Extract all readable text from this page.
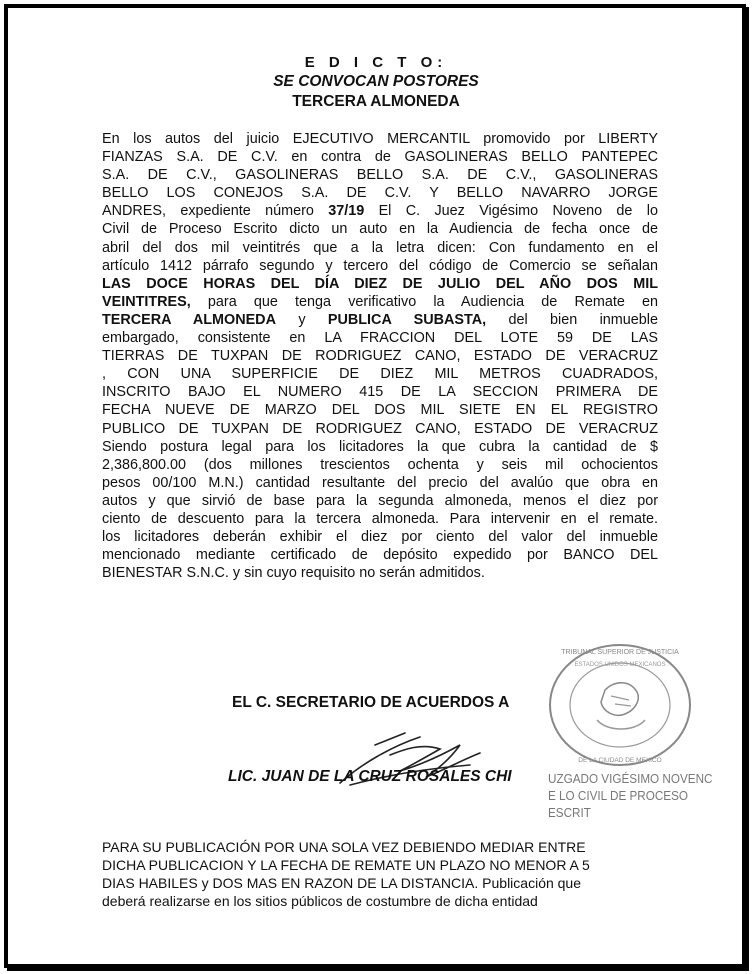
E D I C T O:
SE CONVOCAN POSTORES
TERCERA ALMONEDA
En los autos del juicio EJECUTIVO MERCANTIL promovido por LIBERTY
FIANZAS S.A. DE C.V. en contra de GASOLINERAS BELLO PANTEPEC
S.A. DE C.V., GASOLINERAS BELLO S.A. DE C.V., GASOLINERAS
BELLO LOS CONEJOS S.A. DE C.V. Y BELLO NAVARRO JORGE
ANDRES, expediente número 37/19 El C. Juez Vigésimo Noveno de lo
Civil de Proceso Escrito dicto un auto en la Audiencia de fecha once de
abril del dos mil veintitrés que a la letra dicen: Con fundamento en el
artículo 1412 párrafo segundo y tercero del código de Comercio se señalan
LAS DOCE HORAS DEL DÍA DIEZ DE JULIO DEL AÑO DOS MIL
VEINTITRES, para que tenga verificativo la Audiencia de Remate en
TERCERA ALMONEDA y PUBLICA SUBASTA, del bien inmueble
embargado, consistente en LA FRACCION DEL LOTE 59 DE LAS
TIERRAS DE TUXPAN DE RODRIGUEZ CANO, ESTADO DE VERACRUZ
, CON UNA SUPERFICIE DE DIEZ MIL METROS CUADRADOS,
INSCRITO BAJO EL NUMERO 415 DE LA SECCION PRIMERA DE
FECHA NUEVE DE MARZO DEL DOS MIL SIETE EN EL REGISTRO
PUBLICO DE TUXPAN DE RODRIGUEZ CANO, ESTADO DE VERACRUZ
Siendo postura legal para los licitadores la que cubra la cantidad de $
2,386,800.00 (dos millones trescientos ochenta y seis mil ochocientos
pesos 00/100 M.N.) cantidad resultante del precio del avalúo que obra en
autos y que sirvió de base para la segunda almoneda, menos el diez por
ciento de descuento para la tercera almoneda. Para intervenir en el remate.
los licitadores deberán exhibir el diez por ciento del valor del inmueble
mencionado mediante certificado de depósito expedido por BANCO DEL
BIENESTAR S.N.C. y sin cuyo requisito no serán admitidos.
EL C. SECRETARIO DE ACUERDOS A
LIC. JUAN DE LA CRUZ ROSALES CHI
TRIBUNAL SUPERIOR DE JUSTICIA
ESTADOS UNIDOS MEXICANOS
DE LA CIUDAD DE MEXICO
UZGADO VIGÉSIMO NOVENC
E LO CIVIL DE PROCESO ESCRIT
PARA SU PUBLICACIÓN POR UNA SOLA VEZ DEBIENDO MEDIAR ENTRE
DICHA PUBLICACION Y LA FECHA DE REMATE UN PLAZO NO MENOR A 5
DIAS HABILES y DOS MAS EN RAZON DE LA DISTANCIA. Publicación que
deberá realizarse en los sitios públicos de costumbre de dicha entidad
